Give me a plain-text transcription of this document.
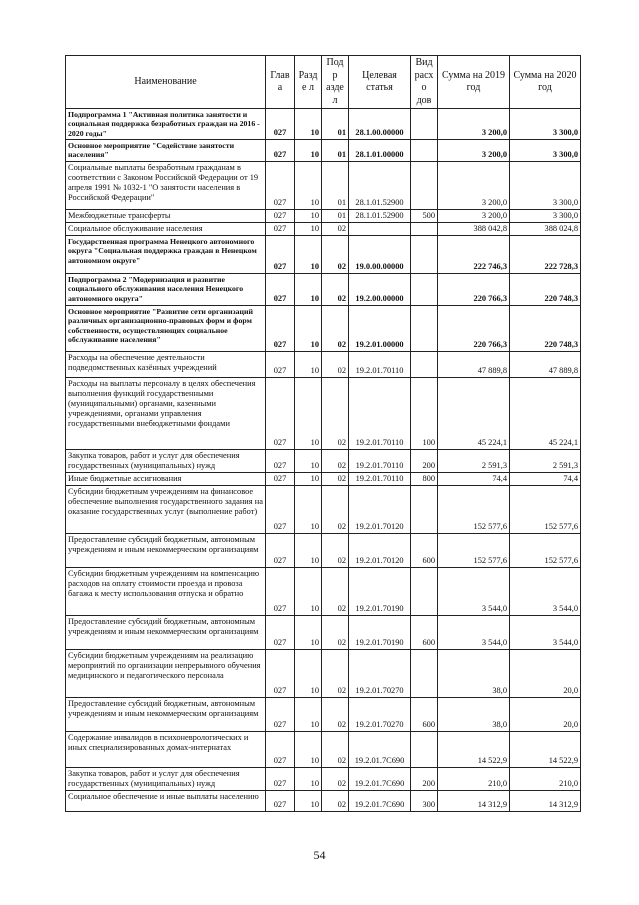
Наименование	Глав а	Разде л	Подр аздел	Целевая статья	Вид расхо дов	Сумма на 2019 год	Сумма на 2020 год
Подпрограмма 1 "Активная политика занятости и социальная поддержка безработных граждан на 2016 - 2020 годы"	027	10	01	28.1.00.00000		3 200,0	3 300,0
Основное мероприятие "Содействие занятости населения"	027	10	01	28.1.01.00000		3 200,0	3 300,0
Социальные выплаты безработным гражданам в соответствии с Законом Российской Федерации от 19 апреля 1991 № 1032-1 "О занятости населения в Российской Федерации"	027	10	01	28.1.01.52900		3 200,0	3 300,0
Межбюджетные трансферты	027	10	01	28.1.01.52900	500	3 200,0	3 300,0
Социальное обслуживание населения	027	10	02			388 042,8	388 024,8
Государственная программа Ненецкого автономного округа "Социальная поддержка граждан в Ненецком автономном округе"	027	10	02	19.0.00.00000		222 746,3	222 728,3
Подпрограмма 2 "Модернизация и развитие социального обслуживания населения Ненецкого автономного округа"	027	10	02	19.2.00.00000		220 766,3	220 748,3
Основное мероприятие "Развитие сети организаций различных организационно-правовых форм и форм собственности, осуществляющих социальное обслуживание населения"	027	10	02	19.2.01.00000		220 766,3	220 748,3
Расходы на обеспечение деятельности подведомственных казённых учреждений	027	10	02	19.2.01.70110		47 889,8	47 889,8
Расходы на выплаты персоналу в целях обеспечения выполнения функций государственными (муниципальными) органами, казенными учреждениями, органами управления государственными внебюджетными фондами	027	10	02	19.2.01.70110	100	45 224,1	45 224,1
Закупка товаров, работ и услуг для обеспечения государственных (муниципальных) нужд	027	10	02	19.2.01.70110	200	2 591,3	2 591,3
Иные бюджетные ассигнования	027	10	02	19.2.01.70110	800	74,4	74,4
Субсидии бюджетным учреждениям на финансовое обеспечение выполнения государственного задания на оказание государственных услуг (выполнение работ)	027	10	02	19.2.01.70120		152 577,6	152 577,6
Предоставление субсидий бюджетным, автономным учреждениям и иным некоммерческим организациям	027	10	02	19.2.01.70120	600	152 577,6	152 577,6
Субсидии бюджетным учреждениям на компенсацию расходов на оплату стоимости проезда и провоза багажа к месту использования отпуска и обратно	027	10	02	19.2.01.70190		3 544,0	3 544,0
Предоставление субсидий бюджетным, автономным учреждениям и иным некоммерческим организациям	027	10	02	19.2.01.70190	600	3 544,0	3 544,0
Субсидии бюджетным учреждениям на реализацию мероприятий по организации непрерывного обучения медицинского и педагогического персонала	027	10	02	19.2.01.70270		38,0	20,0
Предоставление субсидий бюджетным, автономным учреждениям и иным некоммерческим организациям	027	10	02	19.2.01.70270	600	38,0	20,0
Содержание инвалидов в психоневрологических и иных специализированных домах-интернатах	027	10	02	19.2.01.7С690		14 522,9	14 522,9
Закупка товаров, работ и услуг для обеспечения государственных (муниципальных) нужд	027	10	02	19.2.01.7С690	200	210,0	210,0
Социальное обеспечение и иные выплаты населению	027	10	02	19.2.01.7С690	300	14 312,9	14 312,9
54
